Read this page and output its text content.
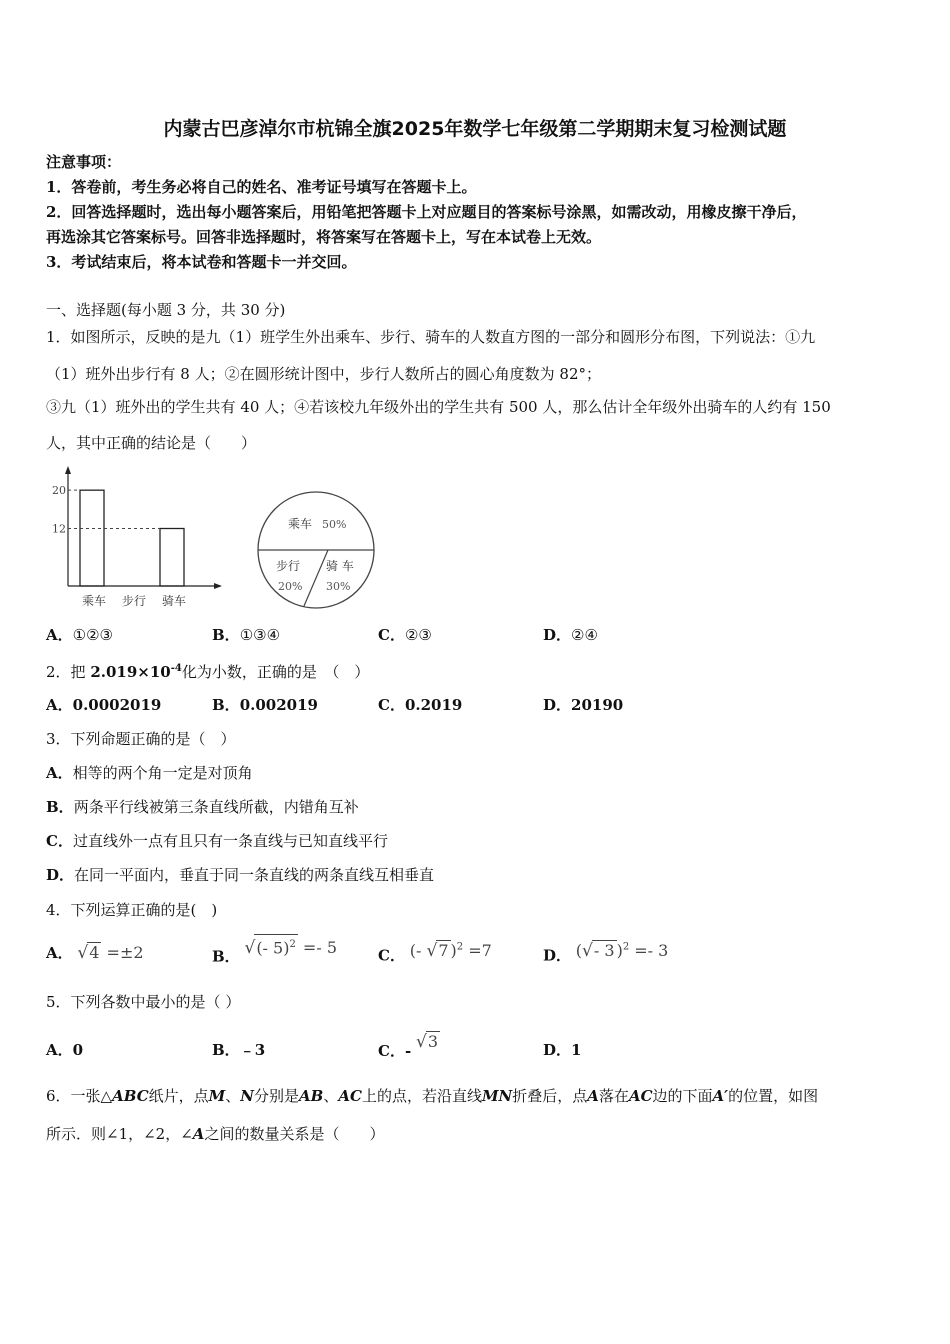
内蒙古巴彦淖尔市杭锦全旗2025年数学七年级第二学期期末复习检测试题
注意事项：
1．答卷前，考生务必将自己的姓名、准考证号填写在答题卡上。
2．回答选择题时，选出每小题答案后，用铅笔把答题卡上对应题目的答案标号涂黑，如需改动，用橡皮擦干净后，
再选涂其它答案标号。回答非选择题时，将答案写在答题卡上，写在本试卷上无效。
3．考试结束后，将本试卷和答题卡一并交回。
一、选择题(每小题 3 分，共 30 分)
1．如图所示，反映的是九（1）班学生外出乘车、步行、骑车的人数直方图的一部分和圆形分布图，下列说法：①九
（1）班外出步行有 8 人；②在圆形统计图中，步行人数所占的圆心角度数为 82°；
③九（1）班外出的学生共有 40 人；④若该校九年级外出的学生共有 500 人，那么估计全年级外出骑车的人约有 150
人，其中正确的结论是（　　）
20
12
乘车 步行 骑车
乘车 50%
步行
20%
骑 车
30%
A．①②③	B．①③④	C．②③	D．②④
2．把 $2.019\times 10^{-4}$化为小数，正确的是　（　）
A．0.0002019	B．0.002019	C．0.2019	D．20190
3．下列命题正确的是（　）
A．相等的两个角一定是对顶角
B．两条平行线被第三条直线所截，内错角互补
C．过直线外一点有且只有一条直线与已知直线平行
D．在同一平面内，垂直于同一条直线的两条直线互相垂直
4．下列运算正确的是(　)
A． √4 =±2	B． √(- 5)$^2$ =- 5	C． (- √7 )$^2$ =7	D． (√- 3 )$^2$ =- 3
5．下列各数中最小的是（ ）
A．0	B．﹣3	C．- √3	D．1
6．一张△ABC纸片，点M、N分别是AB、AC上的点，若沿直线MN折叠后，点A落在AC边的下面A′的位置，如图
所示．则∠1，∠2，∠A之间的数量关系是（　　）
